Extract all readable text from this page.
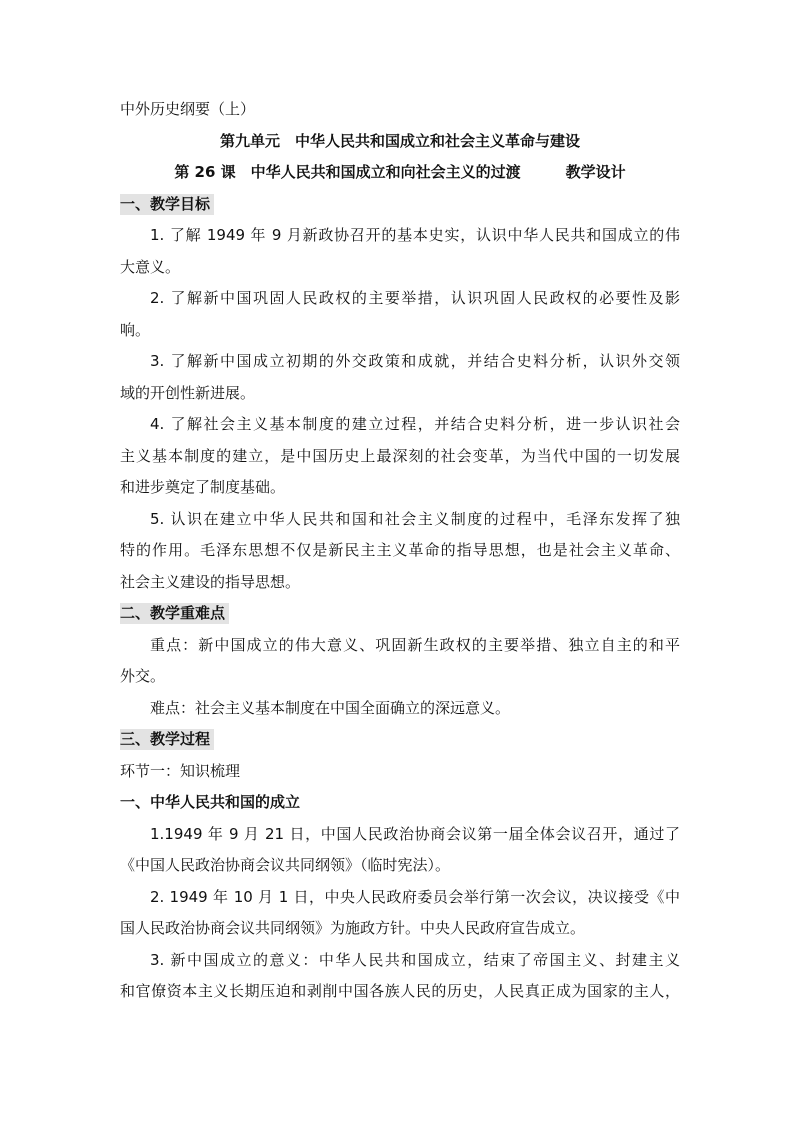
中外历史纲要（上）
第九单元　中华人民共和国成立和社会主义革命与建设
第 26 课　中华人民共和国成立和向社会主义的过渡　　　教学设计
一、教学目标
1. 了解 1949 年 9 月新政协召开的基本史实，认识中华人民共和国成立的伟
大意义。
2. 了解新中国巩固人民政权的主要举措，认识巩固人民政权的必要性及影
响。
3. 了解新中国成立初期的外交政策和成就，并结合史料分析，认识外交领
域的开创性新进展。
4. 了解社会主义基本制度的建立过程，并结合史料分析，进一步认识社会
主义基本制度的建立，是中国历史上最深刻的社会变革，为当代中国的一切发展
和进步奠定了制度基础。
5. 认识在建立中华人民共和国和社会主义制度的过程中，毛泽东发挥了独
特的作用。毛泽东思想不仅是新民主主义革命的指导思想，也是社会主义革命、
社会主义建设的指导思想。
二、教学重难点
重点：新中国成立的伟大意义、巩固新生政权的主要举措、独立自主的和平
外交。
难点：社会主义基本制度在中国全面确立的深远意义。
三、教学过程
环节一：知识梳理
一、中华人民共和国的成立
1.1949 年 9 月 21 日，中国人民政治协商会议第一届全体会议召开，通过了
《中国人民政治协商会议共同纲领》（临时宪法）。
2. 1949 年 10 月 1 日，中央人民政府委员会举行第一次会议，决议接受《中
国人民政治协商会议共同纲领》为施政方针。中央人民政府宣告成立。
3. 新中国成立的意义：中华人民共和国成立，结束了帝国主义、封建主义
和官僚资本主义长期压迫和剥削中国各族人民的历史，人民真正成为国家的主人，
